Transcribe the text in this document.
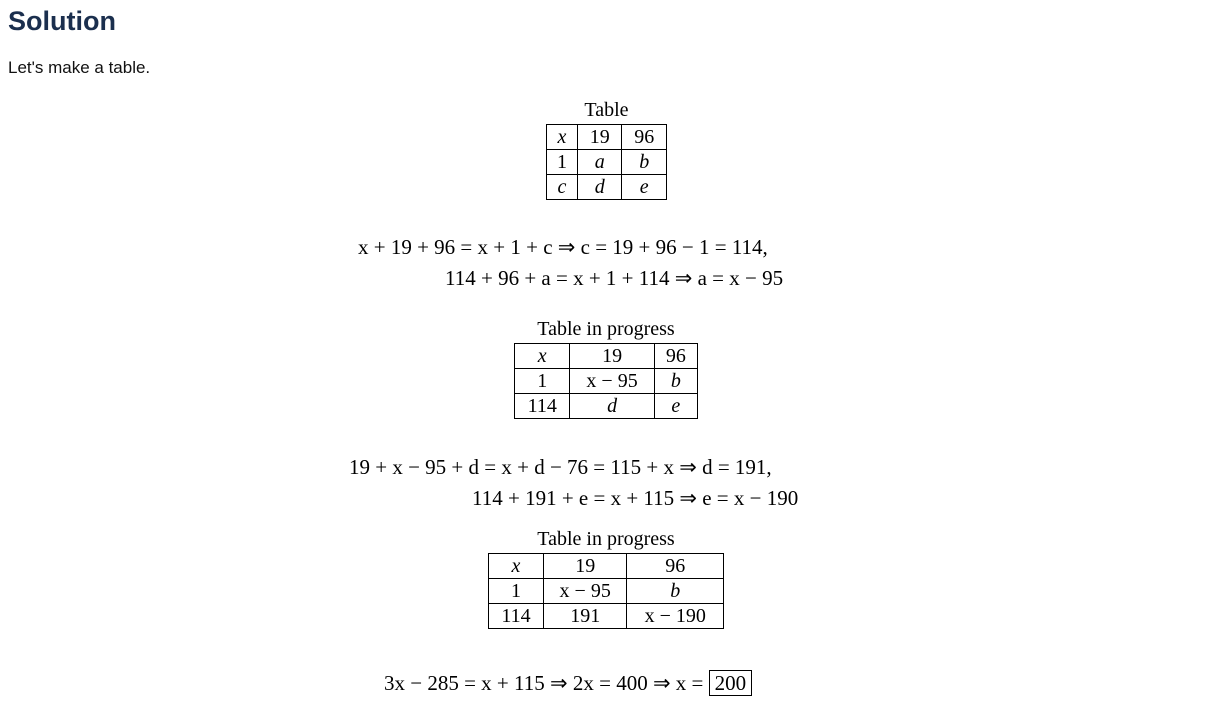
Solution

Let's make a table.

Table
x	19	96
1	a	b
c	d	e
x + 19 + 96 = x + 1 + c ⇒ c = 19 + 96 − 1 = 114,
114 + 96 + a = x + 1 + 114 ⇒ a = x − 95
Table in progress
x	19	96
1	x − 95	b
114	d	e
19 + x − 95 + d = x + d − 76 = 115 + x ⇒ d = 191,
114 + 191 + e = x + 115 ⇒ e = x − 190
Table in progress
x	19	96
1	x − 95	b
114	191	x − 190
3x − 285 = x + 115 ⇒ 2x = 400 ⇒ x = 200
